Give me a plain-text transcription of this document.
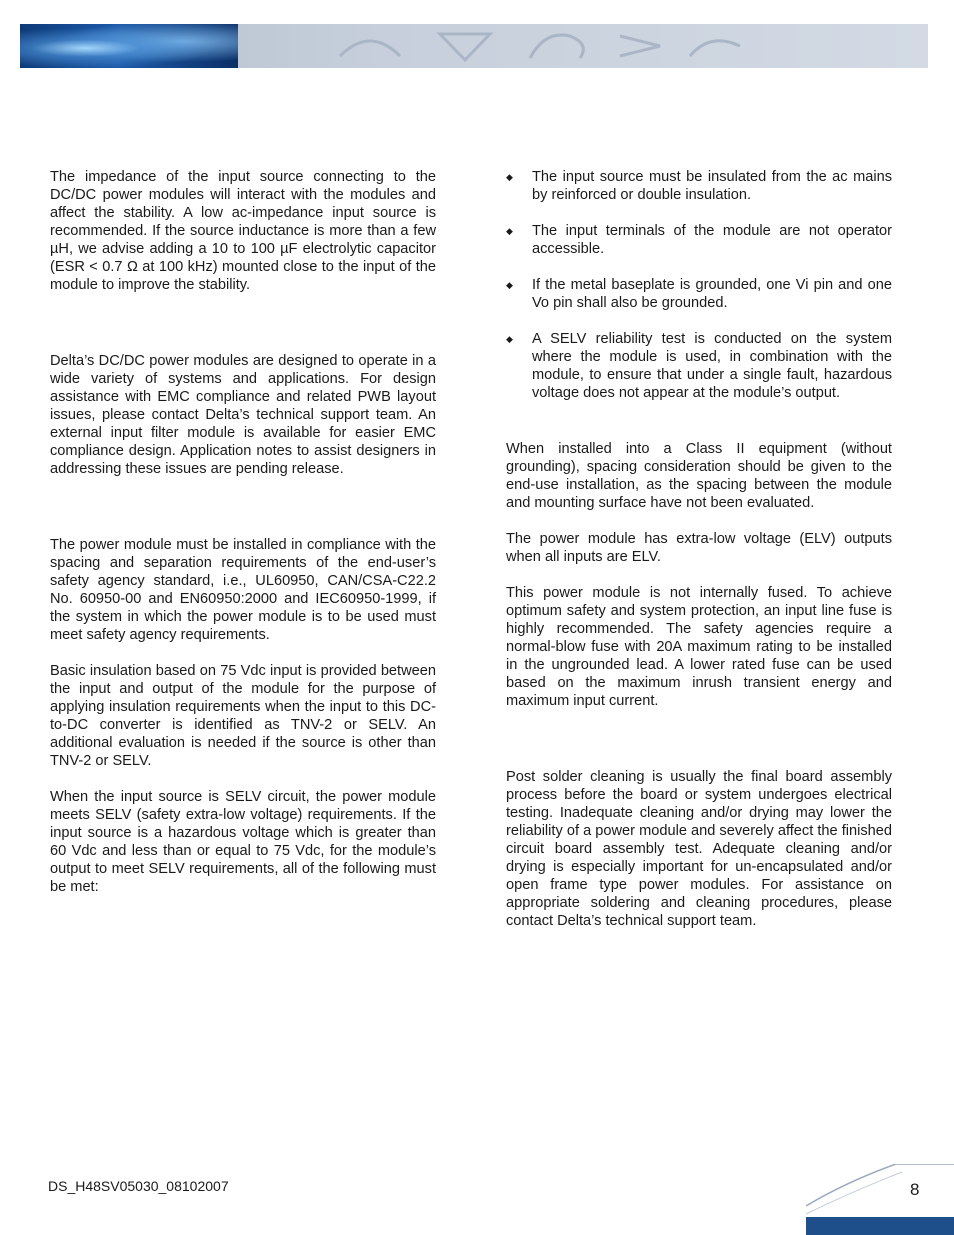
The impedance of the input source connecting to the DC/DC power modules will interact with the modules and affect the stability. A low ac-impedance input source is recommended. If the source inductance is more than a few µH, we advise adding a 10 to 100 µF electrolytic capacitor (ESR < 0.7 Ω at 100 kHz) mounted close to the input of the module to improve the stability.

Delta’s DC/DC power modules are designed to operate in a wide variety of systems and applications. For design assistance with EMC compliance and related PWB layout issues, please contact Delta’s technical support team. An external input filter module is available for easier EMC compliance design. Application notes to assist designers in addressing these issues are pending release.

The power module must be installed in compliance with the spacing and separation requirements of the end-user’s safety agency standard, i.e., UL60950, CAN/CSA-C22.2 No. 60950-00 and EN60950:2000 and IEC60950-1999, if the system in which the power module is to be used must meet safety agency requirements.

Basic insulation based on 75 Vdc input is provided between the input and output of the module for the purpose of applying insulation requirements when the input to this DC-to-DC converter is identified as TNV-2 or SELV. An additional evaluation is needed if the source is other than TNV-2 or SELV.

When the input source is SELV circuit, the power module meets SELV (safety extra-low voltage) requirements. If the input source is a hazardous voltage which is greater than 60 Vdc and less than or equal to 75 Vdc, for the module’s output to meet SELV requirements, all of the following must be met:

◆	The input source must be insulated from the ac mains by reinforced or double insulation.
◆	The input terminals of the module are not operator accessible.
◆	If the metal baseplate is grounded, one Vi pin and one Vo pin shall also be grounded.
◆	A SELV reliability test is conducted on the system where the module is used, in combination with the module, to ensure that under a single fault, hazardous voltage does not appear at the module’s output.

When installed into a Class II equipment (without grounding), spacing consideration should be given to the end-use installation, as the spacing between the module and mounting surface have not been evaluated.

The power module has extra-low voltage (ELV) outputs when all inputs are ELV.

This power module is not internally fused. To achieve optimum safety and system protection, an input line fuse is highly recommended. The safety agencies require a normal-blow fuse with 20A maximum rating to be installed in the ungrounded lead. A lower rated fuse can be used based on the maximum inrush transient energy and maximum input current.

Post solder cleaning is usually the final board assembly process before the board or system undergoes electrical testing. Inadequate cleaning and/or drying may lower the reliability of a power module and severely affect the finished circuit board assembly test. Adequate cleaning and/or drying is especially important for un-encapsulated and/or open frame type power modules. For assistance on appropriate soldering and cleaning procedures, please contact Delta’s technical support team.

DS_H48SV05030_08102007	8
